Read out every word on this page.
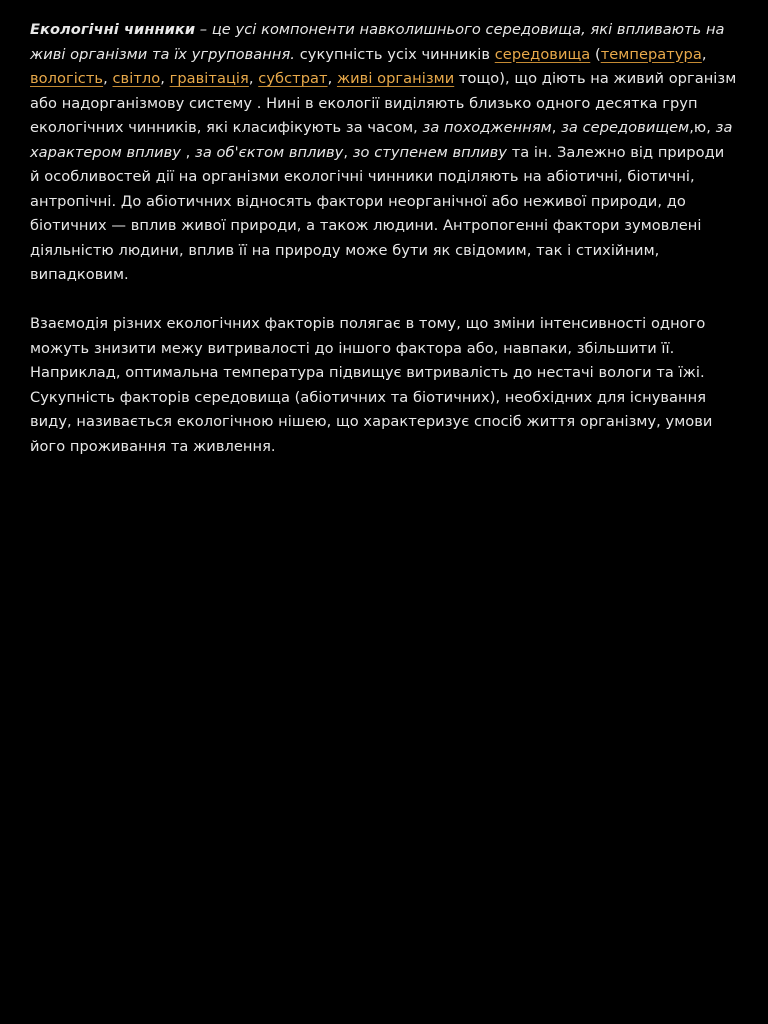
Екологічні чинники – це усі компоненти навколишнього середовища, які впливають на живі організми та їх угруповання. сукупність усіх чинників середовища (температура, вологість, світло, гравітація, субстрат, живі організми тощо), що діють на живий організм або надорганізмову систему . Нині в екології виділяють близько одного десятка груп екологічних чинників, які класифікують за часом, за походженням, за середовищем,ю, за характером впливу , за об'єктом впливу, зо ступенем впливу та ін. Залежно від природи й особливостей дії на організми екологічні чинники поділяють на абіотичні, біотичні, антропічні. До абіотичних відносять фактори неорганічної або неживої природи, до біотичних — вплив живої природи, а також людини. Антропогенні фактори зумовлені діяльністю людини, вплив її на природу може бути як свідомим, так і стихійним, випадковим.

Взаємодія різних екологічних факторів полягає в тому, що зміни інтенсивності одного можуть знизити межу витривалості до іншого фактора або, навпаки, збільшити її. Наприклад, оптимальна температура підвищує витривалість до нестачі вологи та їжі. Сукупність факторів середовища (абіотичних та біотичних), необхідних для існування виду, називається екологічною нішею, що характеризує спосіб життя організму, умови його проживання та живлення.
